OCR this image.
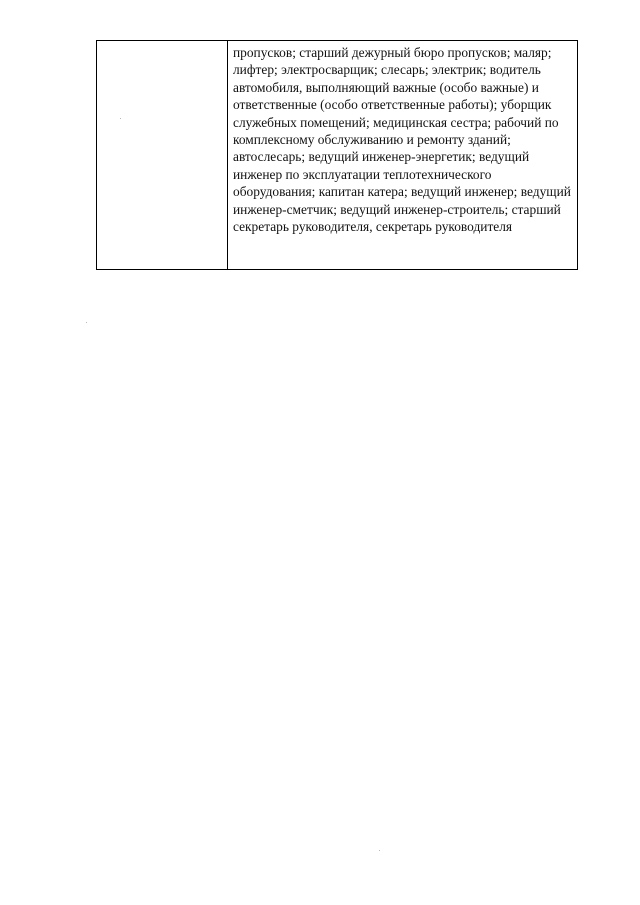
пропусков; старший дежурный бюро пропусков; маляр; лифтер; электросварщик; слесарь; электрик; водитель автомобиля, выполняющий важные (особо важные) и ответственные (особо ответственные работы); уборщик служебных помещений; медицинская сестра; рабочий по комплексному обслуживанию и ремонту зданий; автослесарь; ведущий инженер-энергетик; ведущий инженер по эксплуатации теплотехнического оборудования; капитан катера; ведущий инженер; ведущий инженер-сметчик; ведущий инженер-строитель; старший секретарь руководителя, секретарь руководителя
